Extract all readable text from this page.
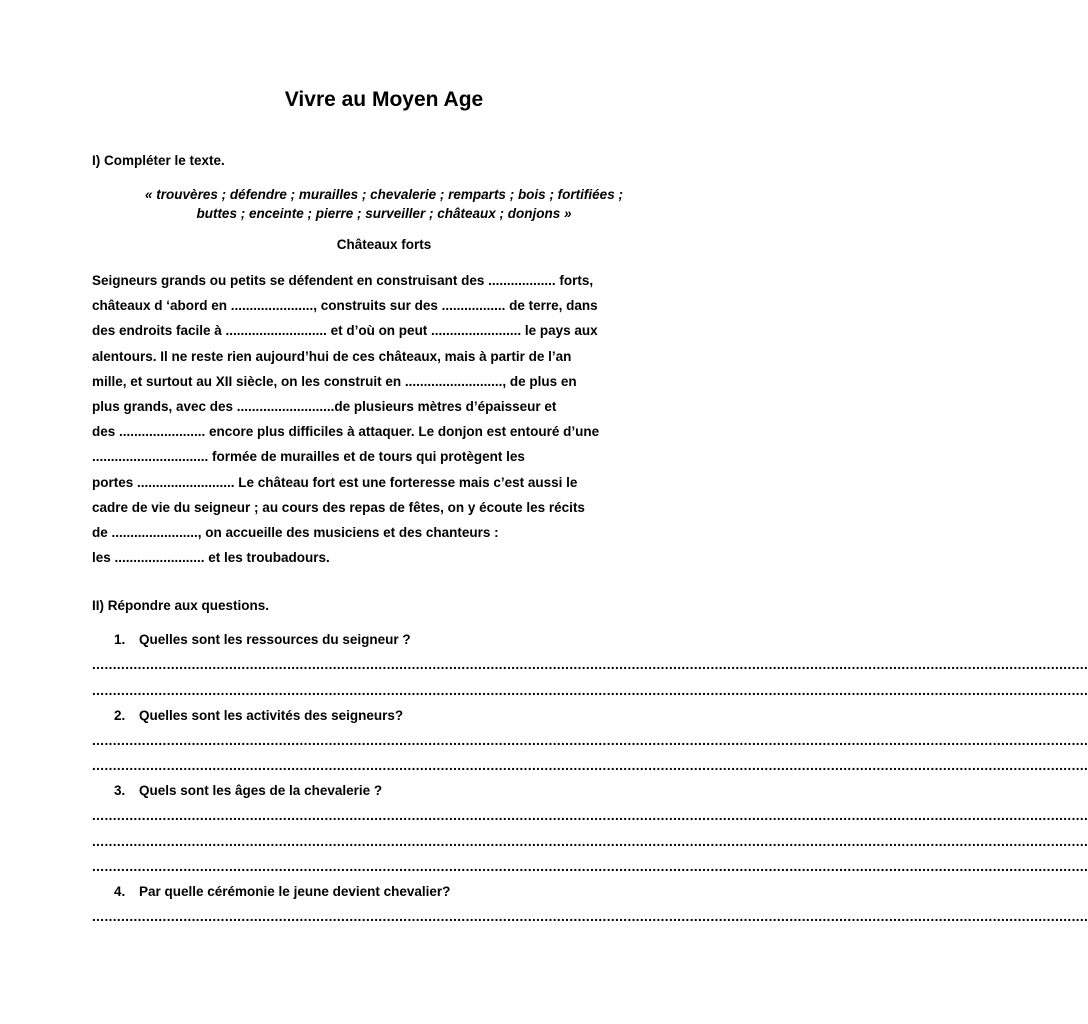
Vivre au Moyen Age

I) Compléter le texte.

« trouvères ; défendre ; murailles ; chevalerie ; remparts ; bois ; fortifiées ;
buttes ; enceinte ; pierre ; surveiller ; châteaux ; donjons »

Châteaux forts

Seigneurs grands ou petits se défendent en construisant des .................. forts,
châteaux d ‘abord en ......................, construits sur des ................. de terre, dans
des endroits facile à ........................... et d’où on peut ........................ le pays aux
alentours. Il ne reste rien aujourd’hui de ces châteaux, mais à partir de l’an
mille, et surtout au XII siècle, on les construit en .........................., de plus en
plus grands, avec des ..........................de plusieurs mètres d’épaisseur et
des ....................... encore plus difficiles à attaquer. Le donjon est entouré d’une
............................... formée de murailles et de tours qui protègent les
portes .......................... Le château fort est une forteresse mais c’est aussi le
cadre de vie du seigneur ; au cours des repas de fêtes, on y écoute les récits
de ......................., on accueille des musiciens et des chanteurs :
les ........................ et les troubadours.

II) Répondre aux questions.

1. Quelles sont les ressources du seigneur ?

................................................................................................................................................................................................................................................
................................................................................................................................................................................................................................................

2. Quelles sont les activités des seigneurs?

................................................................................................................................................................................................................................................
................................................................................................................................................................................................................................................

3. Quels sont les âges de la chevalerie ?

................................................................................................................................................................................................................................................
................................................................................................................................................................................................................................................
................................................................................................................................................................................................................................................

4. Par quelle cérémonie le jeune devient chevalier?

................................................................................................................................................................................................................................................
